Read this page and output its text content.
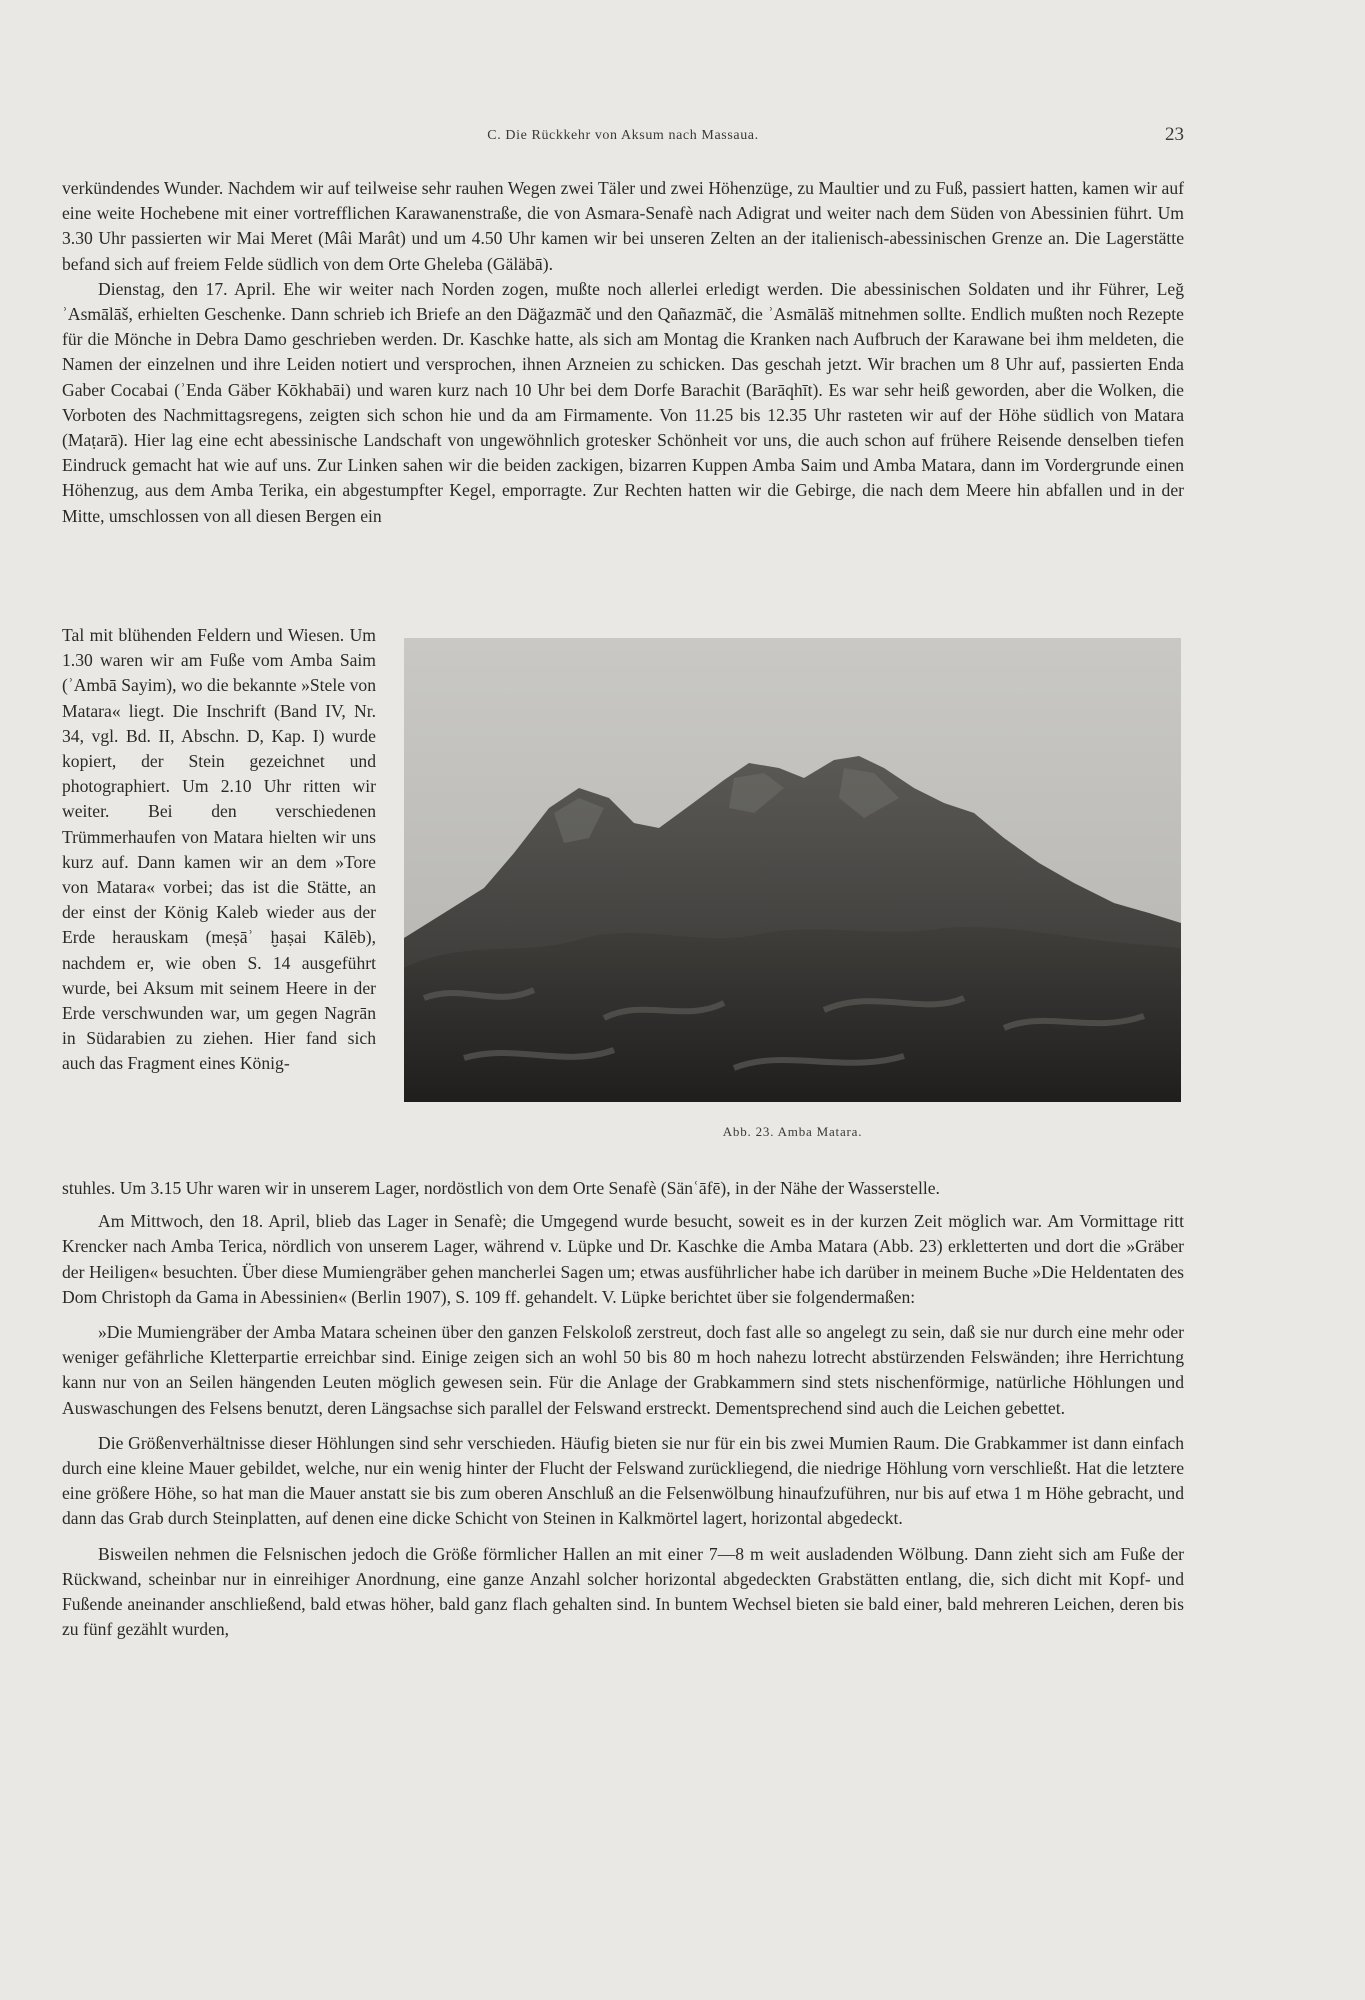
C. Die Rückkehr von Aksum nach Massaua.	23

verkündendes Wunder. Nachdem wir auf teilweise sehr rauhen Wegen zwei Täler und zwei Höhenzüge, zu Maultier und zu Fuß, passiert hatten, kamen wir auf eine weite Hochebene mit einer vortrefflichen Karawanenstraße, die von Asmara-Senafè nach Adigrat und weiter nach dem Süden von Abessinien führt. Um 3.30 Uhr passierten wir Mai Meret (Mâi Marât) und um 4.50 Uhr kamen wir bei unseren Zelten an der italienisch-abessinischen Grenze an. Die Lagerstätte befand sich auf freiem Felde südlich von dem Orte Gheleba (Gäläbā).

Dienstag, den 17. April. Ehe wir weiter nach Norden zogen, mußte noch allerlei erledigt werden. Die abessinischen Soldaten und ihr Führer, Leğ ʾAsmālāš, erhielten Geschenke. Dann schrieb ich Briefe an den Däğazmāč und den Qañazmāč, die ʾAsmālāš mitnehmen sollte. Endlich mußten noch Rezepte für die Mönche in Debra Damo geschrieben werden. Dr. Kaschke hatte, als sich am Montag die Kranken nach Aufbruch der Karawane bei ihm meldeten, die Namen der einzelnen und ihre Leiden notiert und versprochen, ihnen Arzneien zu schicken. Das geschah jetzt. Wir brachen um 8 Uhr auf, passierten Enda Gaber Cocabai (ʾEnda Gäber Kōkhabāi) und waren kurz nach 10 Uhr bei dem Dorfe Barachit (Barāqhīt). Es war sehr heiß geworden, aber die Wolken, die Vorboten des Nachmittagsregens, zeigten sich schon hie und da am Firmamente. Von 11.25 bis 12.35 Uhr rasteten wir auf der Höhe südlich von Matara (Maṭarā). Hier lag eine echt abessinische Landschaft von ungewöhnlich grotesker Schönheit vor uns, die auch schon auf frühere Reisende denselben tiefen Eindruck gemacht hat wie auf uns. Zur Linken sahen wir die beiden zackigen, bizarren Kuppen Amba Saim und Amba Matara, dann im Vordergrunde einen Höhenzug, aus dem Amba Terika, ein abgestumpfter Kegel, emporragte. Zur Rechten hatten wir die Gebirge, die nach dem Meere hin abfallen und in der Mitte, umschlossen von all diesen Bergen ein

Tal mit blühenden Feldern und Wiesen. Um 1.30 waren wir am Fuße vom Amba Saim (ʾAmbā Sayim), wo die bekannte »Stele von Matara« liegt. Die Inschrift (Band IV, Nr. 34, vgl. Bd. II, Abschn. D, Kap. I) wurde kopiert, der Stein gezeichnet und photographiert. Um 2.10 Uhr ritten wir weiter. Bei den verschiedenen Trümmerhaufen von Matara hielten wir uns kurz auf. Dann kamen wir an dem »Tore von Matara« vorbei; das ist die Stätte, an der einst der König Kaleb wieder aus der Erde herauskam (meṣāʾ ḫaṣai Kālēb), nachdem er, wie oben S. 14 ausgeführt wurde, bei Aksum mit seinem Heere in der Erde verschwunden war, um gegen Nagrān in Südarabien zu ziehen. Hier fand sich auch das Fragment eines König-

Abb. 23. Amba Matara.

stuhles. Um 3.15 Uhr waren wir in unserem Lager, nordöstlich von dem Orte Senafè (Sänʿāfē), in der Nähe der Wasserstelle.

Am Mittwoch, den 18. April, blieb das Lager in Senafè; die Umgegend wurde besucht, soweit es in der kurzen Zeit möglich war. Am Vormittage ritt Krencker nach Amba Terica, nördlich von unserem Lager, während v. Lüpke und Dr. Kaschke die Amba Matara (Abb. 23) erkletterten und dort die »Gräber der Heiligen« besuchten. Über diese Mumiengräber gehen mancherlei Sagen um; etwas ausführlicher habe ich darüber in meinem Buche »Die Heldentaten des Dom Christoph da Gama in Abessinien« (Berlin 1907), S. 109 ff. gehandelt. V. Lüpke berichtet über sie folgendermaßen:

»Die Mumiengräber der Amba Matara scheinen über den ganzen Felskoloß zerstreut, doch fast alle so angelegt zu sein, daß sie nur durch eine mehr oder weniger gefährliche Kletterpartie erreichbar sind. Einige zeigen sich an wohl 50 bis 80 m hoch nahezu lotrecht abstürzenden Felswänden; ihre Herrichtung kann nur von an Seilen hängenden Leuten möglich gewesen sein. Für die Anlage der Grabkammern sind stets nischenförmige, natürliche Höhlungen und Auswaschungen des Felsens benutzt, deren Längsachse sich parallel der Felswand erstreckt. Dementsprechend sind auch die Leichen gebettet.

Die Größenverhältnisse dieser Höhlungen sind sehr verschieden. Häufig bieten sie nur für ein bis zwei Mumien Raum. Die Grabkammer ist dann einfach durch eine kleine Mauer gebildet, welche, nur ein wenig hinter der Flucht der Felswand zurückliegend, die niedrige Höhlung vorn verschließt. Hat die letztere eine größere Höhe, so hat man die Mauer anstatt sie bis zum oberen Anschluß an die Felsenwölbung hinaufzuführen, nur bis auf etwa 1 m Höhe gebracht, und dann das Grab durch Steinplatten, auf denen eine dicke Schicht von Steinen in Kalkmörtel lagert, horizontal abgedeckt.

Bisweilen nehmen die Felsnischen jedoch die Größe förmlicher Hallen an mit einer 7—8 m weit ausladenden Wölbung. Dann zieht sich am Fuße der Rückwand, scheinbar nur in einreihiger Anordnung, eine ganze Anzahl solcher horizontal abgedeckten Grabstätten entlang, die, sich dicht mit Kopf- und Fußende aneinander anschließend, bald etwas höher, bald ganz flach gehalten sind. In buntem Wechsel bieten sie bald einer, bald mehreren Leichen, deren bis zu fünf gezählt wurden,
